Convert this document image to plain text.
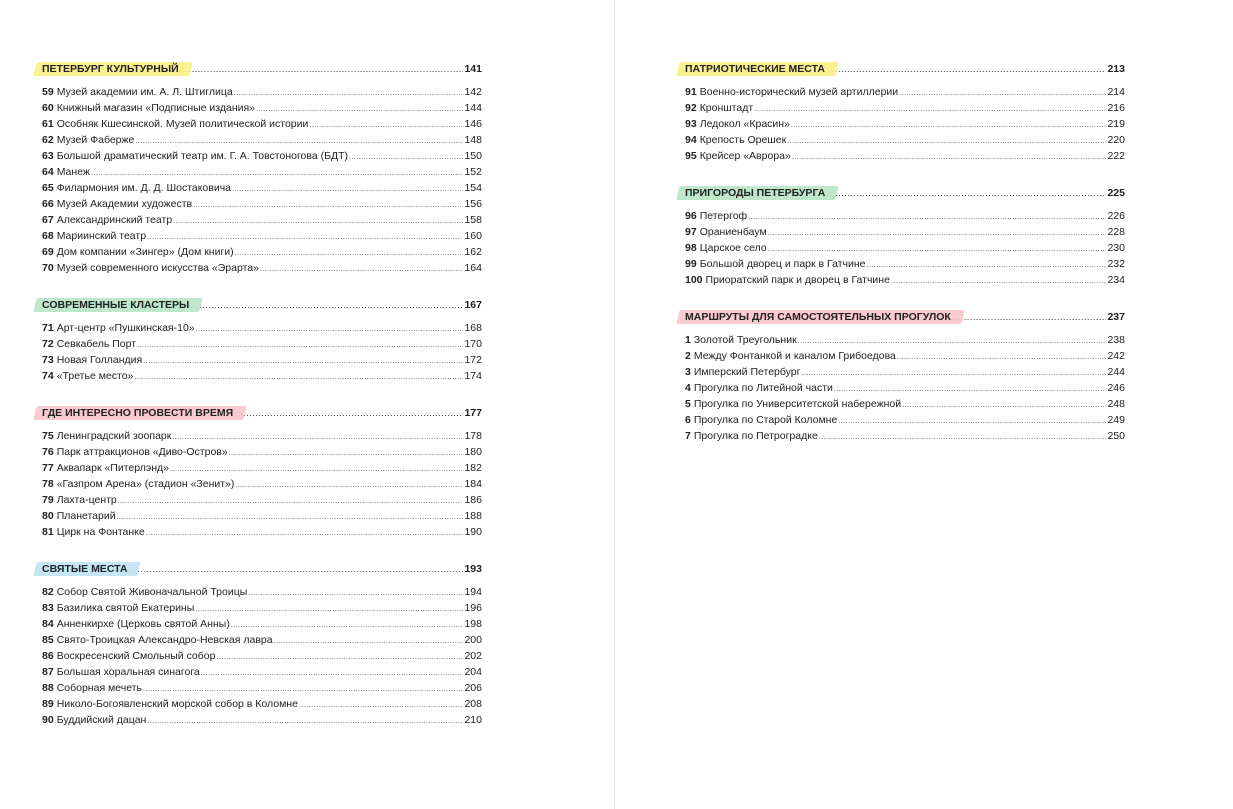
ПЕТЕРБУРГ КУЛЬТУРНЫЙ .....	141
59 Музей академии им. А. Л. Штиглица .....	142
60 Книжный магазин «Подписные издания» .....	144
61 Особняк Кшесинской. Музей политической истории .....	146
62 Музей Фаберже .....	148
63 Большой драматический театр им. Г. А. Товстоногова (БДТ) .....	150
64 Манеж .....	152
65 Филармония им. Д. Д. Шостаковича .....	154
66 Музей Академии художеств .....	156
67 Александринский театр .....	158
68 Мариинский театр .....	160
69 Дом компании «Зингер» (Дом книги) .....	162
70 Музей современного искусства «Эрарта» .....	164
СОВРЕМЕННЫЕ КЛАСТЕРЫ .....	167
71 Арт-центр «Пушкинская-10» .....	168
72 Севкабель Порт .....	170
73 Новая Голландия .....	172
74 «Третье место» .....	174
ГДЕ ИНТЕРЕСНО ПРОВЕСТИ ВРЕМЯ .....	177
75 Ленинградский зоопарк .....	178
76 Парк аттракционов «Диво-Остров» .....	180
77 Аквапарк «Питерлэнд» .....	182
78 «Газпром Арена» (стадион «Зенит») .....	184
79 Лахта-центр .....	186
80 Планетарий .....	188
81 Цирк на Фонтанке .....	190
СВЯТЫЕ МЕСТА .....	193
82 Собор Святой Живоначальной Троицы .....	194
83 Базилика святой Екатерины .....	196
84 Анненкирхе (Церковь святой Анны) .....	198
85 Свято-Троицкая Александро-Невская лавра .....	200
86 Воскресенский Смольный собор .....	202
87 Большая хоральная синагога .....	204
88 Соборная мечеть .....	206
89 Николо-Богоявленский морской собор в Коломне .....	208
90 Буддийский дацан .....	210
ПАТРИОТИЧЕСКИЕ МЕСТА .....	213
91 Военно-исторический музей артиллерии .....	214
92 Кронштадт .....	216
93 Ледокол «Красин» .....	219
94 Крепость Орешек .....	220
95 Крейсер «Аврора» .....	222
ПРИГОРОДЫ ПЕТЕРБУРГА .....	225
96 Петергоф .....	226
97 Ораниенбаум .....	228
98 Царское село .....	230
99 Большой дворец и парк в Гатчине .....	232
100 Приоратский парк и дворец в Гатчине .....	234
МАРШРУТЫ ДЛЯ САМОСТОЯТЕЛЬНЫХ ПРОГУЛОК .....	237
1 Золотой Треугольник .....	238
2 Между Фонтанкой и каналом Грибоедова .....	242
3 Имперский Петербург .....	244
4 Прогулка по Литейной части .....	246
5 Прогулка по Университетской набережной .....	248
6 Прогулка по Старой Коломне .....	249
7 Прогулка по Петроградке .....	250
